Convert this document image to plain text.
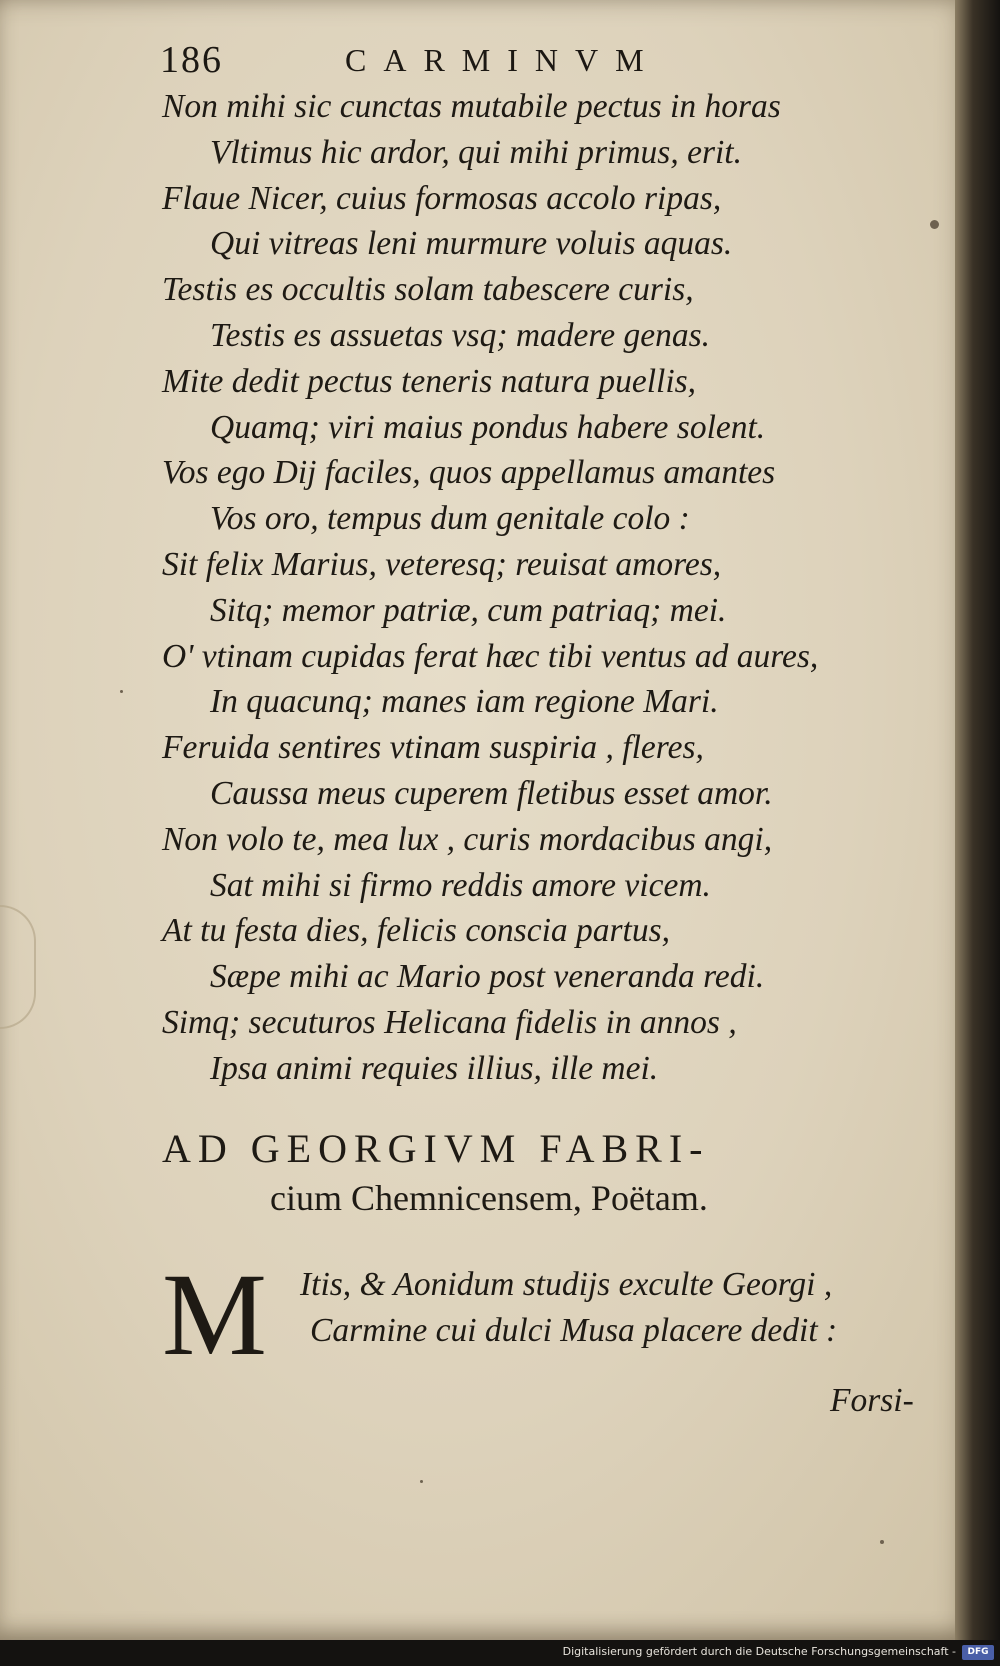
186	CARMINVM
Non mihi sic cunctas mutabile pectus in horas
Vltimus hic ardor, qui mihi primus, erit.
Flaue Nicer, cuius formosas accolo ripas,
Qui vitreas leni murmure voluis aquas.
Testis es occultis solam tabescere curis,
Testis es assuetas vsq; madere genas.
Mite dedit pectus teneris natura puellis,
Quamq; viri maius pondus habere solent.
Vos ego Dij faciles, quos appellamus amantes
Vos oro, tempus dum genitale colo :
Sit felix Marius, veteresq; reuisat amores,
Sitq; memor patriæ, cum patriaq; mei.
O' vtinam cupidas ferat hæc tibi ventus ad aures,
In quacunq; manes iam regione Mari.
Feruida sentires vtinam suspiria , fleres,
Caussa meus cuperem fletibus esset amor.
Non volo te, mea lux , curis mordacibus angi,
Sat mihi si firmo reddis amore vicem.
At tu festa dies, felicis conscia partus,
Sæpe mihi ac Mario post veneranda redi.
Simq; secuturos Helicana fidelis in annos ,
Ipsa animi requies illius, ille mei.
AD GEORGIVM FABRI-
cium Chemnicensem, Poëtam.
M Itis, & Aonidum studijs exculte Georgi ,
Carmine cui dulci Musa placere dedit :
Forsi-
Digitalisierung gefördert durch die Deutsche Forschungsgemeinschaft -	DFG
